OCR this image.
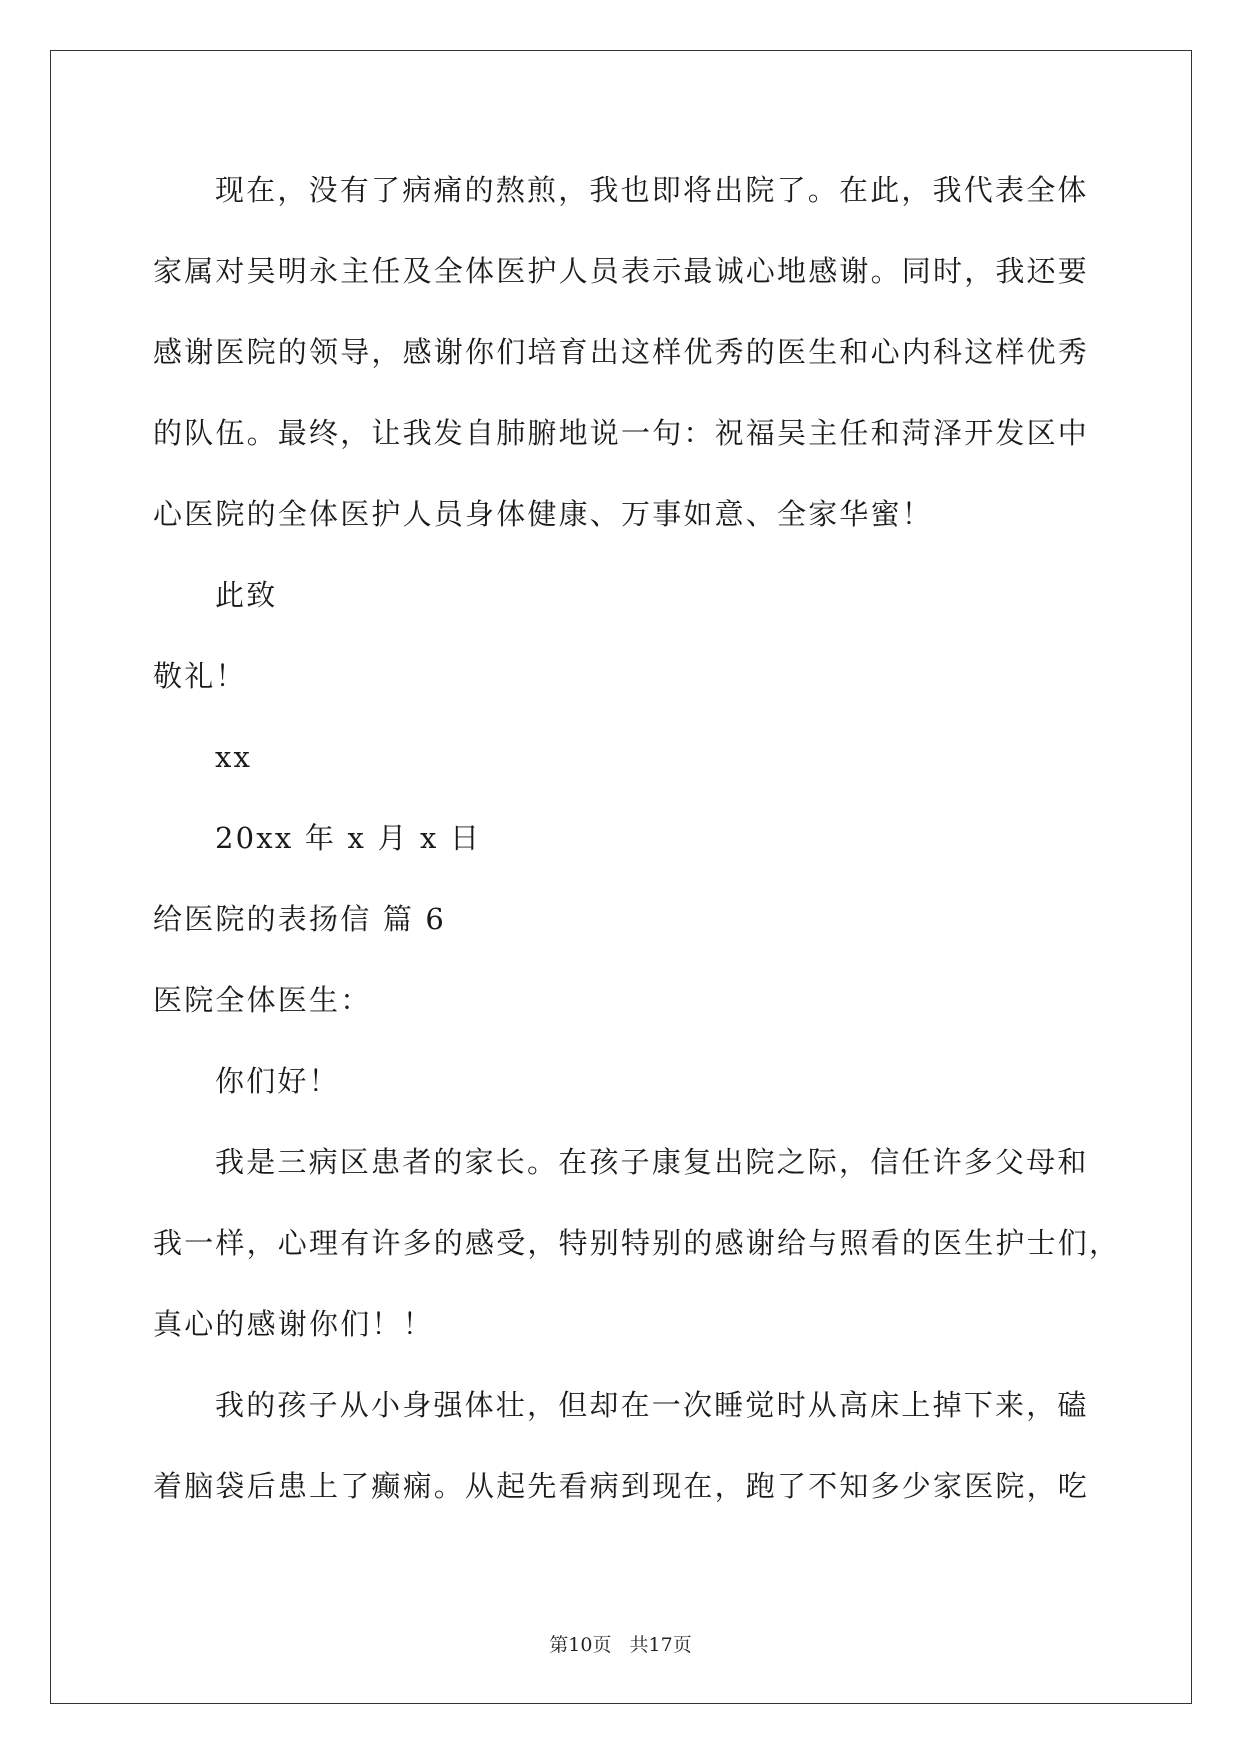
现在，没有了病痛的熬煎，我也即将出院了。在此，我代表全体

家属对吴明永主任及全体医护人员表示最诚心地感谢。同时，我还要

感谢医院的领导，感谢你们培育出这样优秀的医生和心内科这样优秀

的队伍。最终，让我发自肺腑地说一句：祝福吴主任和菏泽开发区中

心医院的全体医护人员身体健康、万事如意、全家华蜜！

此致

敬礼！

xx

20xx 年 x 月 x 日

给医院的表扬信 篇 6

医院全体医生：

你们好！

我是三病区患者的家长。在孩子康复出院之际，信任许多父母和

我一样，心理有许多的感受，特别特别的感谢给与照看的医生护士们，

真心的感谢你们！！

我的孩子从小身强体壮，但却在一次睡觉时从高床上掉下来，磕

着脑袋后患上了癫痫。从起先看病到现在，跑了不知多少家医院，吃

第10页 共17页
